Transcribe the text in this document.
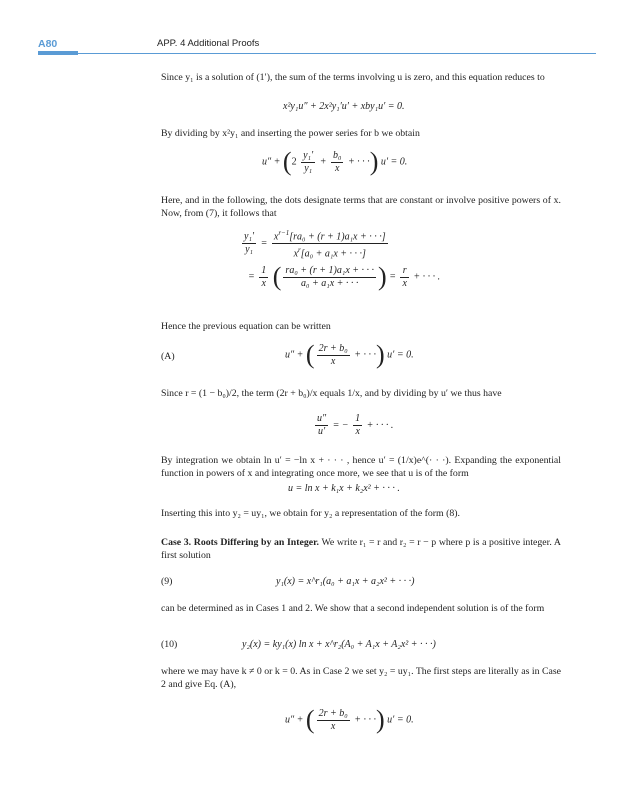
A80	APP. 4 Additional Proofs
Since y₁ is a solution of (1′), the sum of the terms involving u is zero, and this equation reduces to
x²y₁u″ + 2x²y₁′u′ + xby₁u′ = 0.
By dividing by x²y₁ and inserting the power series for b we obtain
$u'' + (2 \frac{\text{y₁′}}{\text{y₁}} + \frac{\text{b₀}}{x}$ + · · ·) u′ = 0.
Here, and in the following, the dots designate terms that are constant or involve positive powers of x. Now, from (7), it follows that
$\frac{\text{y₁′}}{\text{y₁}} = \frac{x^{r-1}[ra_0 + (r + 1)a_1x + \cdot \cdot \cdot]}{x^r[a_0 + a_1x + \cdot \cdot \cdot]}$
= $\frac{1}{x}$ ( $\frac{\text{ra₀ + (r + 1)a₁x + · · ·}}{\text{a₀ + a₁x + · · ·}}$ ) = $\frac{r}{x}$ + · · · .
Hence the previous equation can be written
(A)	u″ + ( $\frac{\text{2r + b₀}}{x}$ + · · ·) u′ = 0.
Since r = (1 − b₀)/2, the term (2r + b₀)/x equals 1/x, and by dividing by u′ we thus have
$\frac{u''}{u'}$ = − $\frac{1}{x}$ + · · · .
By integration we obtain ln u′ = −ln x + · · · , hence u′ = (1/x)e^(· · ·). Expanding the exponential function in powers of x and integrating once more, we see that u is of the form
u = ln x + k₁x + k₂x² + · · · .
Inserting this into y₂ = uy₁, we obtain for y₂ a representation of the form (8).
Case 3. Roots Differing by an Integer. We write r₁ = r and r₂ = r − p where p is a positive integer. A first solution
(9)	y₁(x) = x^r₁(a₀ + a₁x + a₂x² + · · ·)
can be determined as in Cases 1 and 2. We show that a second independent solution is of the form
(10)	y₂(x) = ky₁(x) ln x + x^r₂(A₀ + A₁x + A₂x² + · · ·)
where we may have k ≠ 0 or k = 0. As in Case 2 we set y₂ = uy₁. The first steps are literally as in Case 2 and give Eq. (A),
u″ + ( $\frac{\text{2r + b₀}}{x}$ + · · ·) u′ = 0.
